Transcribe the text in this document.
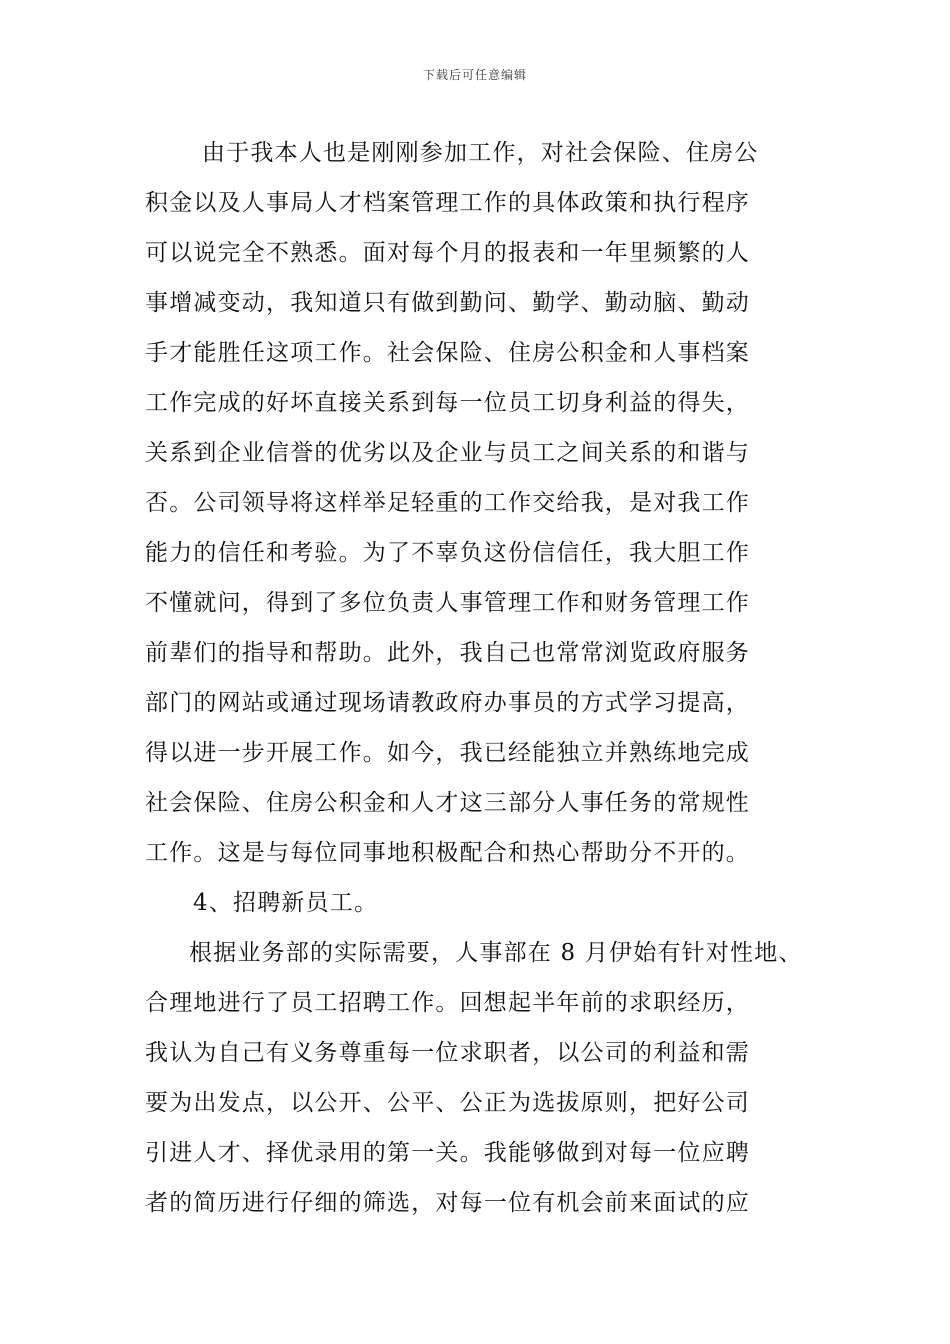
下载后可任意编辑
由于我本人也是刚刚参加工作，对社会保险、住房公
积金以及人事局人才档案管理工作的具体政策和执行程序
可以说完全不熟悉。面对每个月的报表和一年里频繁的人
事增减变动，我知道只有做到勤问、勤学、勤动脑、勤动
手才能胜任这项工作。社会保险、住房公积金和人事档案
工作完成的好坏直接关系到每一位员工切身利益的得失，
关系到企业信誉的优劣以及企业与员工之间关系的和谐与
否。公司领导将这样举足轻重的工作交给我，是对我工作
能力的信任和考验。为了不辜负这份信信任，我大胆工作
不懂就问，得到了多位负责人事管理工作和财务管理工作
前辈们的指导和帮助。此外，我自己也常常浏览政府服务
部门的网站或通过现场请教政府办事员的方式学习提高，
得以进一步开展工作。如今，我已经能独立并熟练地完成
社会保险、住房公积金和人才这三部分人事任务的常规性
工作。这是与每位同事地积极配合和热心帮助分不开的。
4、招聘新员工。
根据业务部的实际需要，人事部在 8 月伊始有针对性地、
合理地进行了员工招聘工作。回想起半年前的求职经历，
我认为自己有义务尊重每一位求职者，以公司的利益和需
要为出发点，以公开、公平、公正为选拔原则，把好公司
引进人才、择优录用的第一关。我能够做到对每一位应聘
者的简历进行仔细的筛选，对每一位有机会前来面试的应
